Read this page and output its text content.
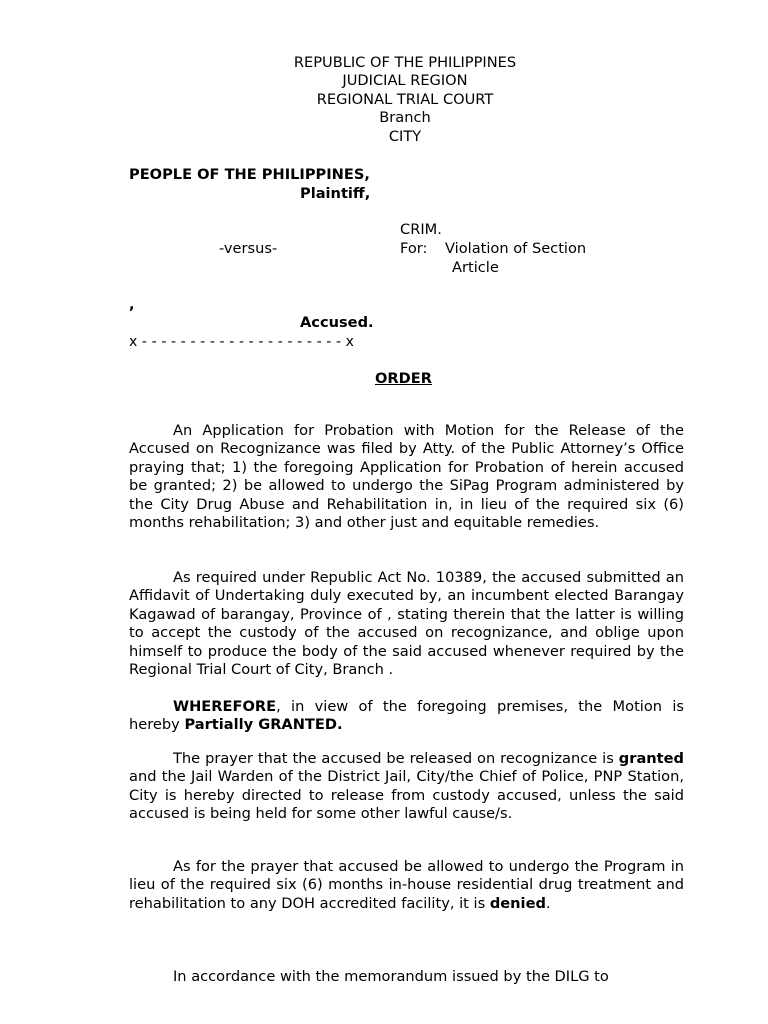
REPUBLIC OF THE PHILIPPINES
JUDICIAL REGION
REGIONAL TRIAL COURT
Branch
CITY
PEOPLE OF THE PHILIPPINES,
Plaintiff,
CRIM.
-versus-	For: Violation of Section
Article
,
Accused.
x - - - - - - - - - - - - - - - - - - - - - x
ORDER
An Application for Probation with Motion for the Release of the Accused on Recognizance was filed by Atty. of the Public Attorney’s Office praying that; 1) the foregoing Application for Probation of herein accused be granted; 2) be allowed to undergo the SiPag Program administered by the City Drug Abuse and Rehabilitation in, in lieu of the required six (6) months rehabilitation; 3) and other just and equitable remedies.
As required under Republic Act No. 10389, the accused submitted an Affidavit of Undertaking duly executed by, an incumbent elected Barangay Kagawad of barangay, Province of , stating therein that the latter is willing to accept the custody of the accused on recognizance, and oblige upon himself to produce the body of the said accused whenever required by the Regional Trial Court of City, Branch .
WHEREFORE, in view of the foregoing premises, the Motion is hereby Partially GRANTED.
The prayer that the accused be released on recognizance is granted and the Jail Warden of the District Jail, City/the Chief of Police, PNP Station, City is hereby directed to release from custody accused, unless the said accused is being held for some other lawful cause/s.
As for the prayer that accused be allowed to undergo the Program in lieu of the required six (6) months in-house residential drug treatment and rehabilitation to any DOH accredited facility, it is denied.
In accordance with the memorandum issued by the DILG to
